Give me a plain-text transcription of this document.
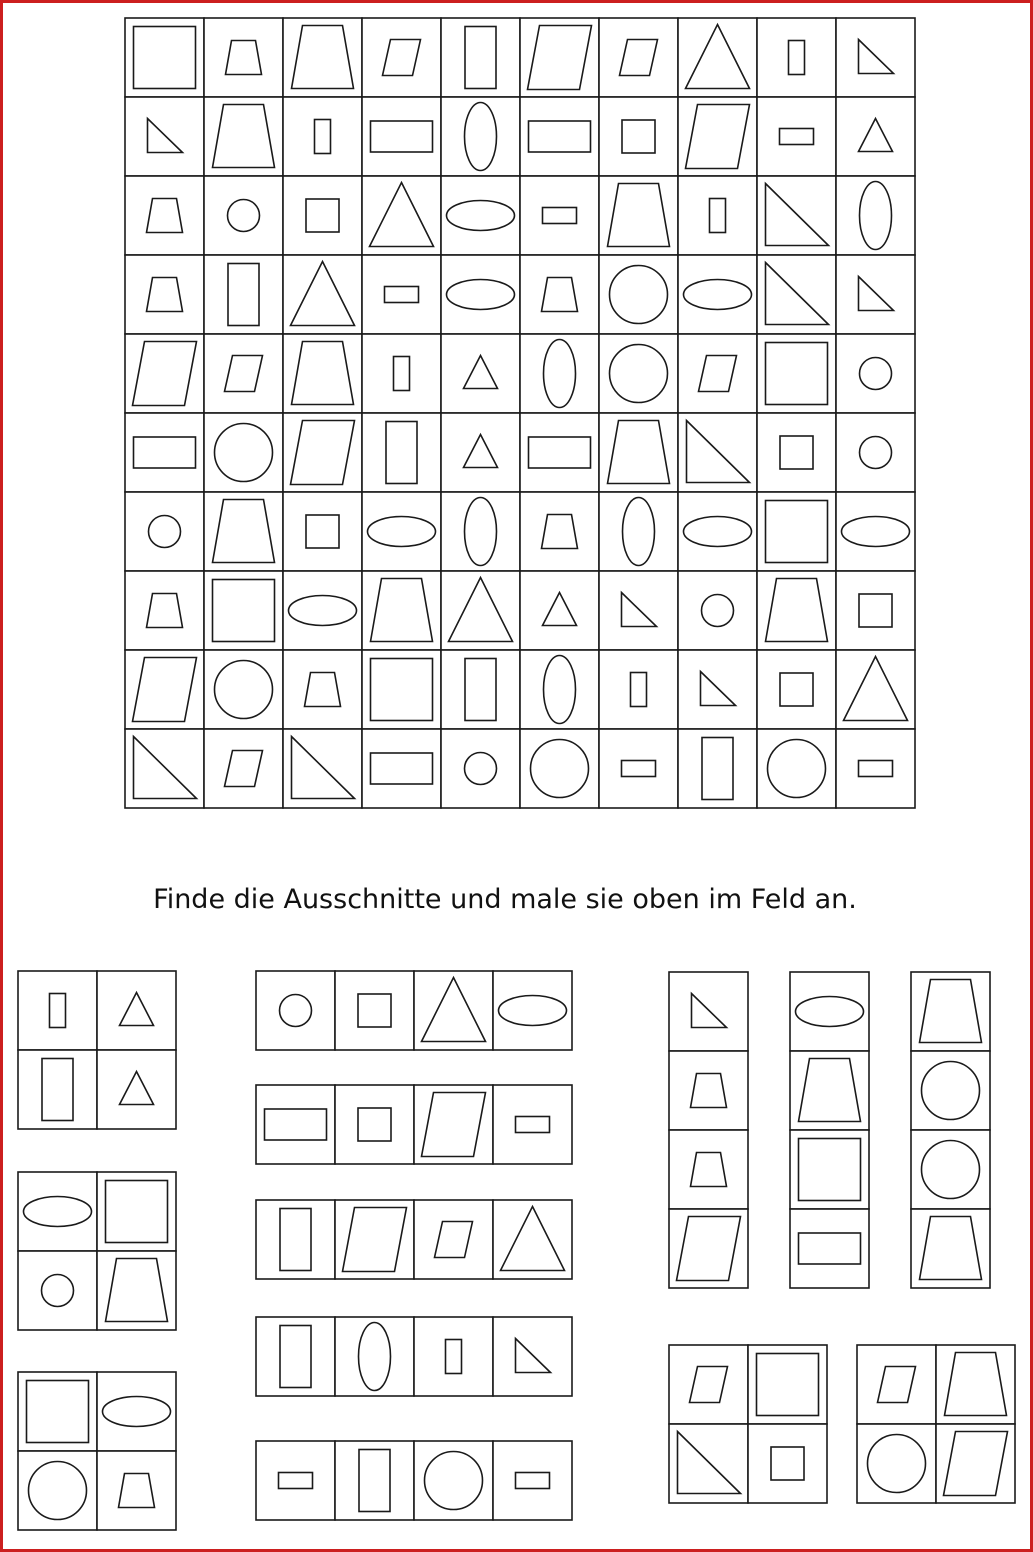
Finde die Ausschnitte und male sie oben im Feld an.
